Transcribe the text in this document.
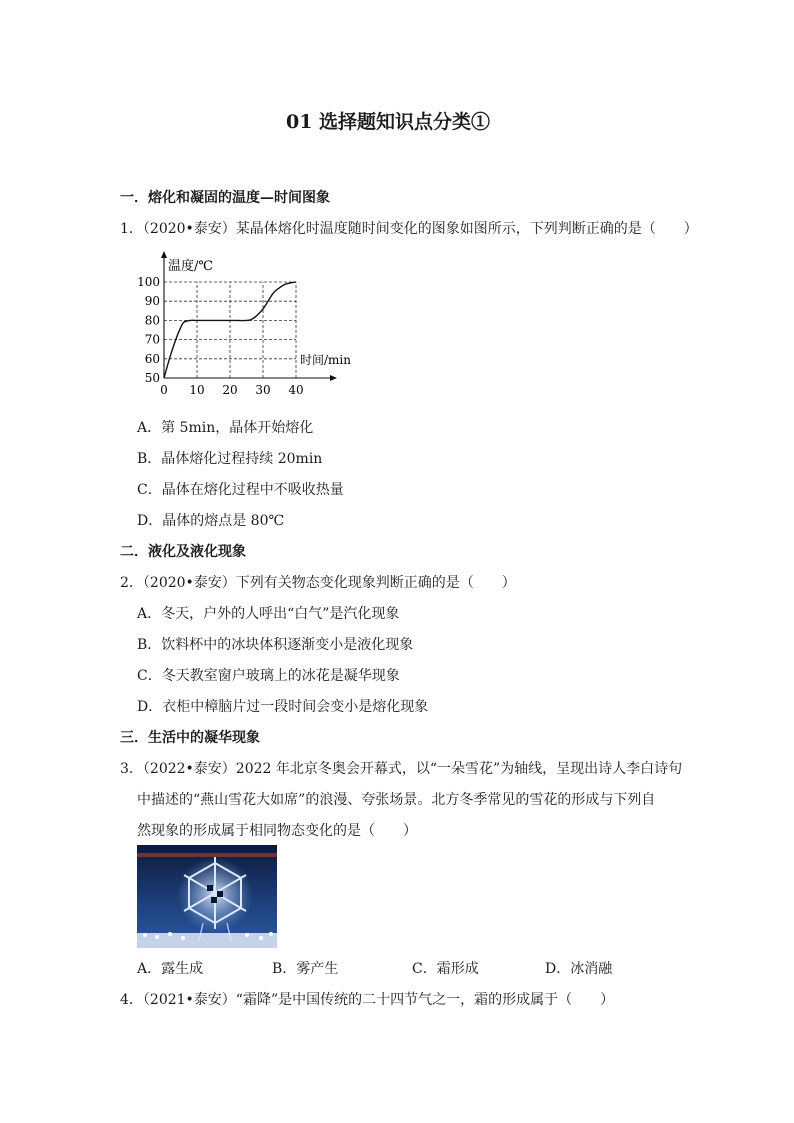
01 选择题知识点分类①
一．熔化和凝固的温度—时间图象
1．（2020•泰安）某晶体熔化时温度随时间变化的图象如图所示，下列判断正确的是（　　）
0 10 20 30 40
50
60
70
80
90
100
温度/℃
时间/min
A．第 5min，晶体开始熔化
B．晶体熔化过程持续 20min
C．晶体在熔化过程中不吸收热量
D．晶体的熔点是 80℃
二．液化及液化现象
2．（2020•泰安）下列有关物态变化现象判断正确的是（　　）
A．冬天，户外的人呼出“白气”是汽化现象
B．饮料杯中的冰块体积逐渐变小是液化现象
C．冬天教室窗户玻璃上的冰花是凝华现象
D．衣柜中樟脑片过一段时间会变小是熔化现象
三．生活中的凝华现象
3．（2022•泰安）2022 年北京冬奥会开幕式，以“一朵雪花”为轴线，呈现出诗人李白诗句
中描述的“燕山雪花大如席”的浪漫、夸张场景。北方冬季常见的雪花的形成与下列自
然现象的形成属于相同物态变化的是（　　）
A．露生成	B．雾产生	C．霜形成	D．冰消融
4．（2021•泰安）“霜降”是中国传统的二十四节气之一，霜的形成属于（　　）
